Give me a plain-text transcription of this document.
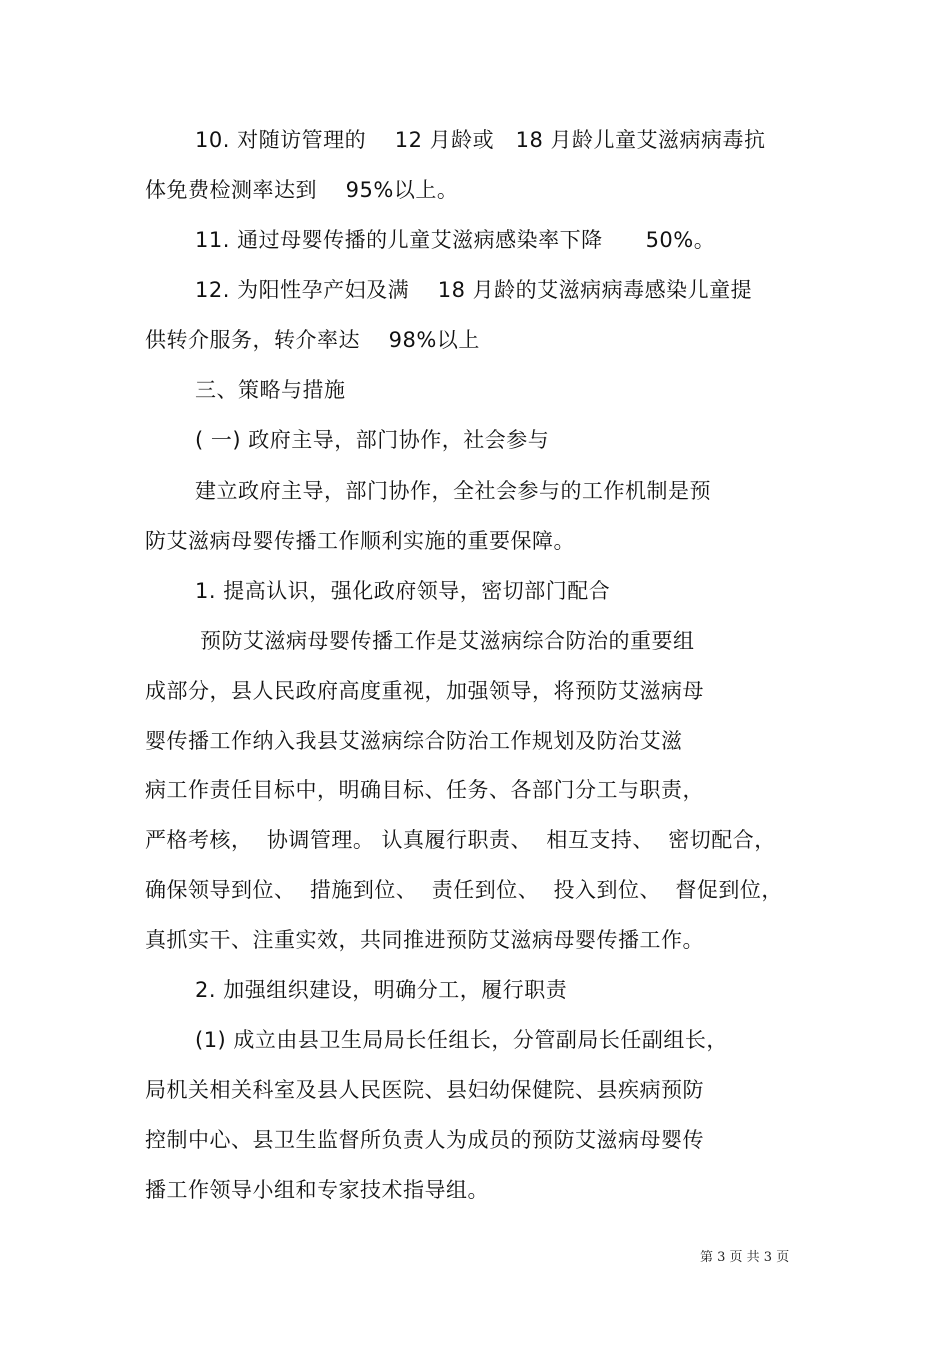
10. 对随访管理的　 12 月龄或　18 月龄儿童艾滋病病毒抗
体免费检测率达到　 95%以上。
11. 通过母婴传播的儿童艾滋病感染率下降　　50%。
12. 为阳性孕产妇及满　 18 月龄的艾滋病病毒感染儿童提
供转介服务，转介率达　 98%以上
三、策略与措施
( 一) 政府主导，部门协作，社会参与
建立政府主导，部门协作，全社会参与的工作机制是预
防艾滋病母婴传播工作顺利实施的重要保障。
1. 提高认识，强化政府领导，密切部门配合
预防艾滋病母婴传播工作是艾滋病综合防治的重要组
成部分，县人民政府高度重视，加强领导，将预防艾滋病母
婴传播工作纳入我县艾滋病综合防治工作规划及防治艾滋
病工作责任目标中，明确目标、任务、各部门分工与职责，
严格考核，  协调管理。 认真履行职责、  相互支持、  密切配合，
确保领导到位、  措施到位、  责任到位、  投入到位、  督促到位，
真抓实干、注重实效，共同推进预防艾滋病母婴传播工作。
2. 加强组织建设，明确分工，履行职责
(1) 成立由县卫生局局长任组长，分管副局长任副组长，
局机关相关科室及县人民医院、县妇幼保健院、县疾病预防
控制中心、县卫生监督所负责人为成员的预防艾滋病母婴传
播工作领导小组和专家技术指导组。
第 3 页 共 3 页
